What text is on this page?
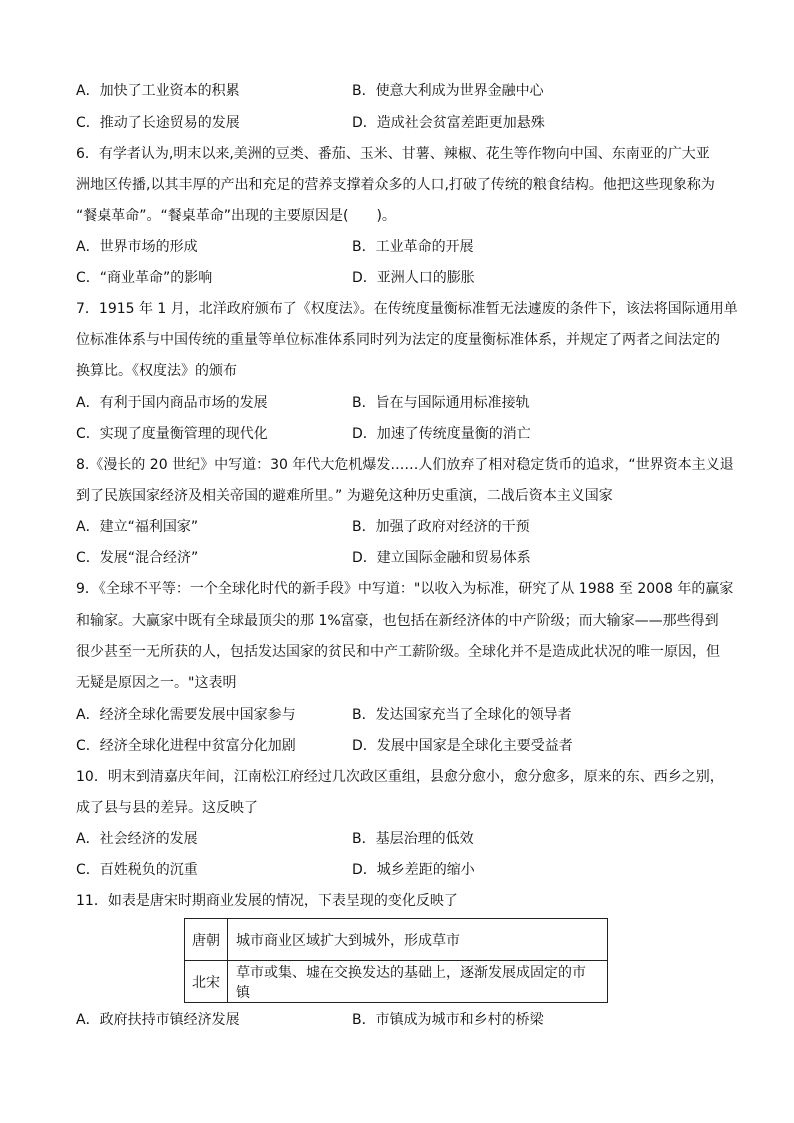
A．加快了工业资本的积累	B．使意大利成为世界金融中心
C．推动了长途贸易的发展	D．造成社会贫富差距更加悬殊
6．有学者认为,明末以来,美洲的豆类、番茄、玉米、甘薯、辣椒、花生等作物向中国、东南亚的广大亚
洲地区传播,以其丰厚的产出和充足的营养支撑着众多的人口,打破了传统的粮食结构。他把这些现象称为
“餐桌革命”。“餐桌革命”出现的主要原因是(　　)。
A．世界市场的形成	B．工业革命的开展
C．“商业革命”的影响	D．亚洲人口的膨胀
7．1915 年 1 月，北洋政府颁布了《权度法》。在传统度量衡标准暂无法遽废的条件下，该法将国际通用单
位标准体系与中国传统的重量等单位标准体系同时列为法定的度量衡标准体系，并规定了两者之间法定的
换算比。《权度法》的颁布
A．有利于国内商品市场的发展	B．旨在与国际通用标准接轨
C．实现了度量衡管理的现代化	D．加速了传统度量衡的消亡
8.《漫长的 20 世纪》中写道：30 年代大危机爆发……人们放弃了相对稳定货币的追求，“世界资本主义退
到了民族国家经济及相关帝国的避难所里。” 为避免这种历史重演，二战后资本主义国家
A．建立“福利国家”	B．加强了政府对经济的干预
C．发展“混合经济”	D．建立国际金融和贸易体系
9．《全球不平等：一个全球化时代的新手段》中写道："以收入为标准，研究了从 1988 至 2008 年的赢家
和输家。大赢家中既有全球最顶尖的那 1%富豪，也包括在新经济体的中产阶级；而大输家——那些得到
很少甚至一无所获的人，包括发达国家的贫民和中产工薪阶级。全球化并不是造成此状况的唯一原因，但
无疑是原因之一。"这表明
A．经济全球化需要发展中国家参与	B．发达国家充当了全球化的领导者
C．经济全球化进程中贫富分化加剧	D．发展中国家是全球化主要受益者
10．明末到清嘉庆年间，江南松江府经过几次政区重组，县愈分愈小，愈分愈多，原来的东、西乡之别，
成了县与县的差异。这反映了
A．社会经济的发展	B．基层治理的低效
C．百姓税负的沉重	D．城乡差距的缩小
11．如表是唐宋时期商业发展的情况，下表呈现的变化反映了
唐朝	城市商业区域扩大到城外，形成草市
北宋	草市或集、墟在交换发达的基础上，逐渐发展成固定的市镇
A．政府扶持市镇经济发展	B．市镇成为城市和乡村的桥梁
